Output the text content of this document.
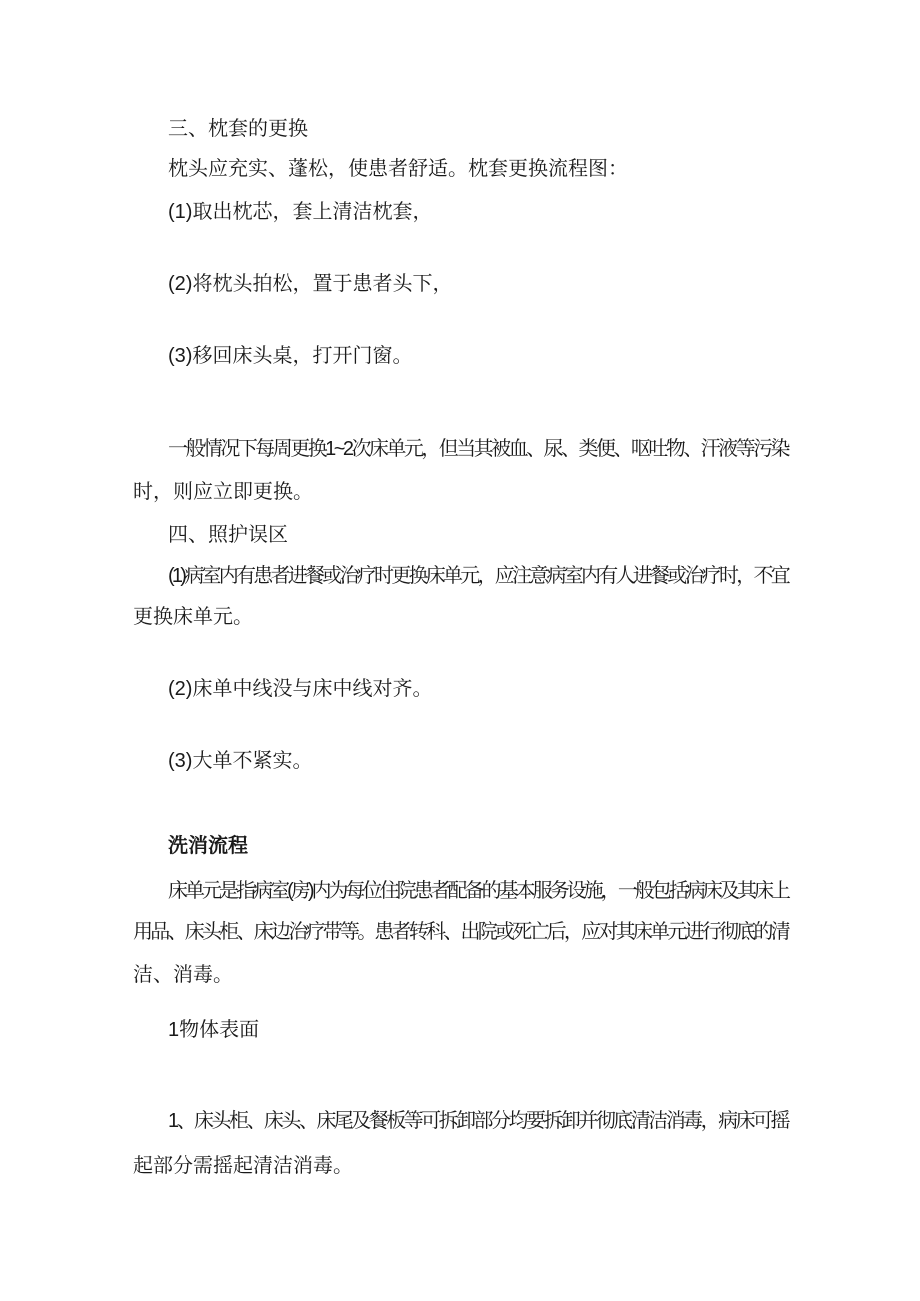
三、枕套的更换
枕头应充实、蓬松，使患者舒适。枕套更换流程图：
(1)取出枕芯，套上清洁枕套，
(2)将枕头拍松，置于患者头下，
(3)移回床头桌，打开门窗。
一般情况下每周更换1~2次床单元，但当其被血、尿、类便、呕吐物、汗液等污染
时，则应立即更换。
四、照护误区
(1)病室内有患者进餐或治疗时更换床单元，应注意病室内有人进餐或治疗时，不宜
更换床单元。
(2)床单中线没与床中线对齐。
(3)大单不紧实。
洗消流程
床单元是指病室(房)内为每位住院患者配备的基本服务设施，一般包括病床及其床上
用品、床头柜、床边治疗带等。患者转科、出院或死亡后，应对其床单元进行彻底的清
洁、消毒。
1物体表面
1、床头柜、床头、床尾及餐板等可拆卸部分均要拆卸并彻底清洁消毒，病床可摇
起部分需摇起清洁消毒。
